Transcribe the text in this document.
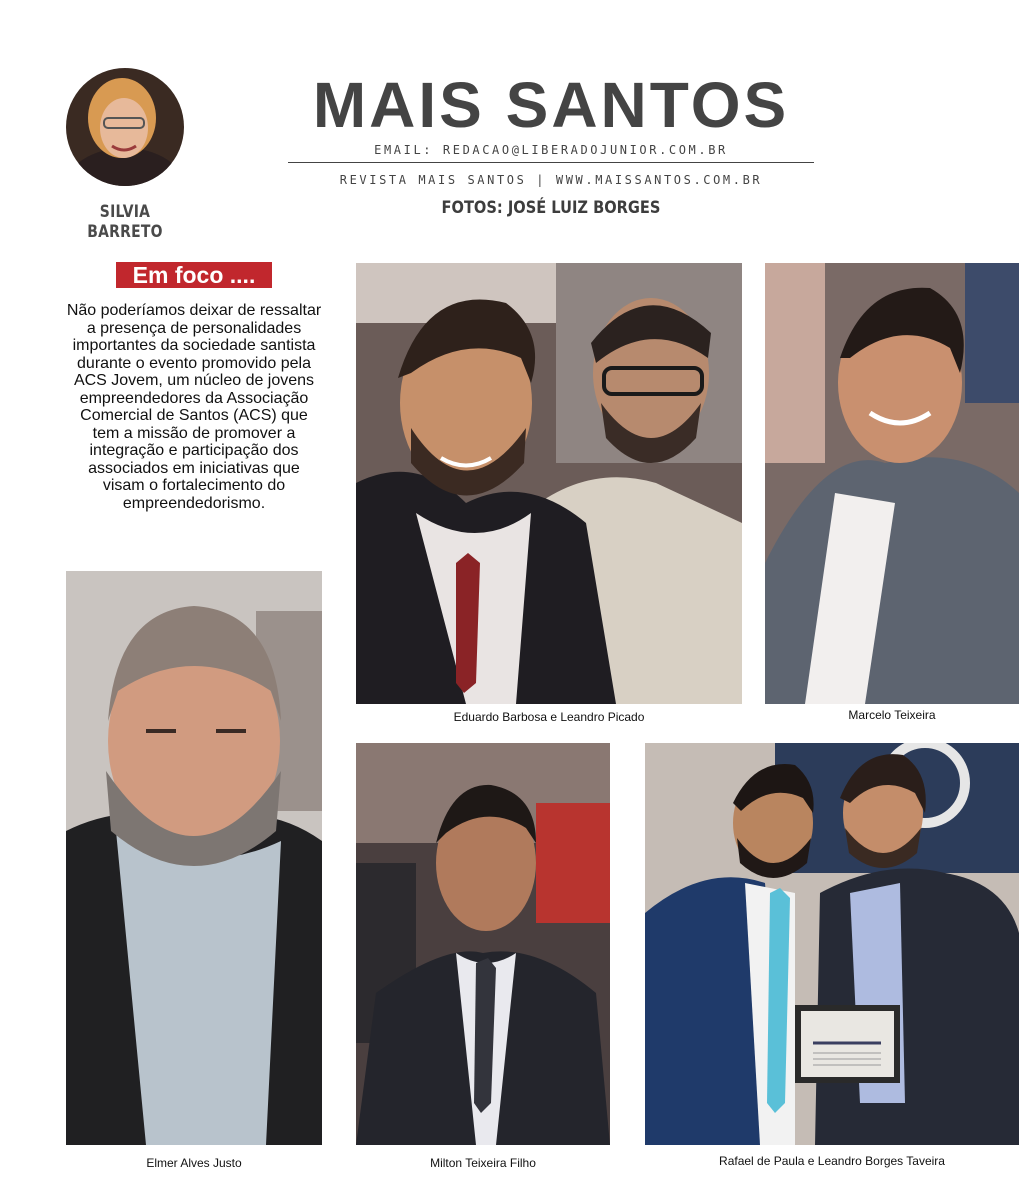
SILVIA BARRETO
MAIS SANTOS
EMAIL: REDACAO@LIBERADOJUNIOR.COM.BR
REVISTA MAIS SANTOS | WWW.MAISSANTOS.COM.BR
FOTOS: JOSÉ LUIZ BORGES
Em foco ....
Não poderíamos deixar de ressaltar a presença de personalidades importantes da sociedade santista durante o evento promovido pela ACS Jovem, um núcleo de jovens empreendedores da Associação Comercial de Santos (ACS) que tem a missão de promover a integração e participação dos associados em iniciativas que visam o fortalecimento do empreendedorismo.
Eduardo Barbosa e Leandro Picado	Marcelo Teixeira
Elmer Alves Justo	Milton Teixeira Filho	Rafael de Paula e Leandro Borges Taveira
